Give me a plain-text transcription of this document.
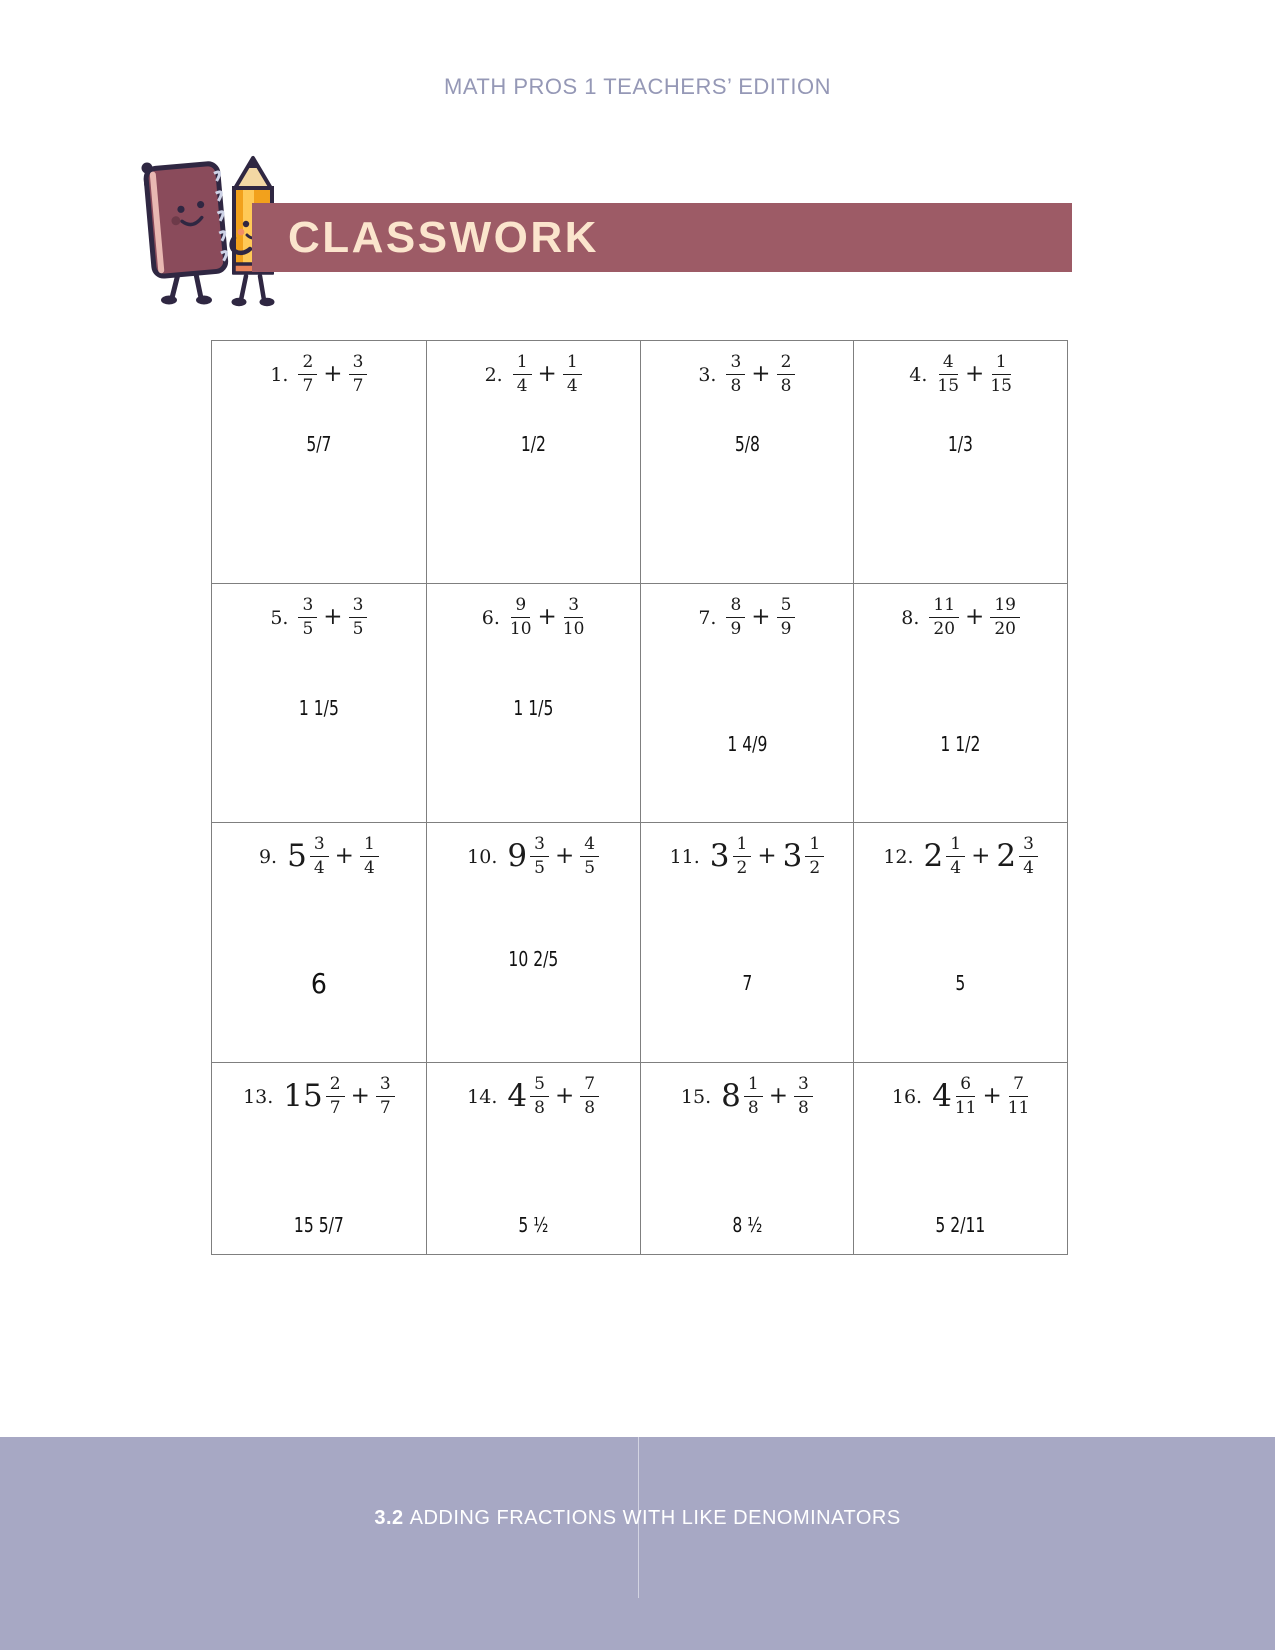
MATH PROS 1 TEACHERS’ EDITION
CLASSWORK
1. $\frac{2}{7} + \frac{3}{7}$
5/7
2. $\frac{1}{4} + \frac{1}{4}$
1/2
3. $\frac{3}{8} + \frac{2}{8}$
5/8
4. $\frac{4}{15} + \frac{1}{15}$
1/3
5. $\frac{3}{5} + \frac{3}{5}$
1 1/5
6. $\frac{9}{10} + \frac{3}{10}$
1 1/5
7. $\frac{8}{9} + \frac{5}{9}$
1 4/9
8. $\frac{11}{20} + \frac{19}{20}$
1 1/2
9. $5 \frac{3}{4} + \frac{1}{4}$
6
10. $9 \frac{3}{5} + \frac{4}{5}$
10 2/5
11. $3 \frac{1}{2} + 3 \frac{1}{2}$
7
12. $2 \frac{1}{4} + 2 \frac{3}{4}$
5
13. $15 \frac{2}{7} + \frac{3}{7}$
15 5/7
14. $4 \frac{5}{8} + \frac{7}{8}$
5 ½
15. $8 \frac{1}{8} + \frac{3}{8}$
8 ½
16. $4 \frac{6}{11} + \frac{7}{11}$
5 2/11
3.2 ADDING FRACTIONS WITH LIKE DENOMINATORS
